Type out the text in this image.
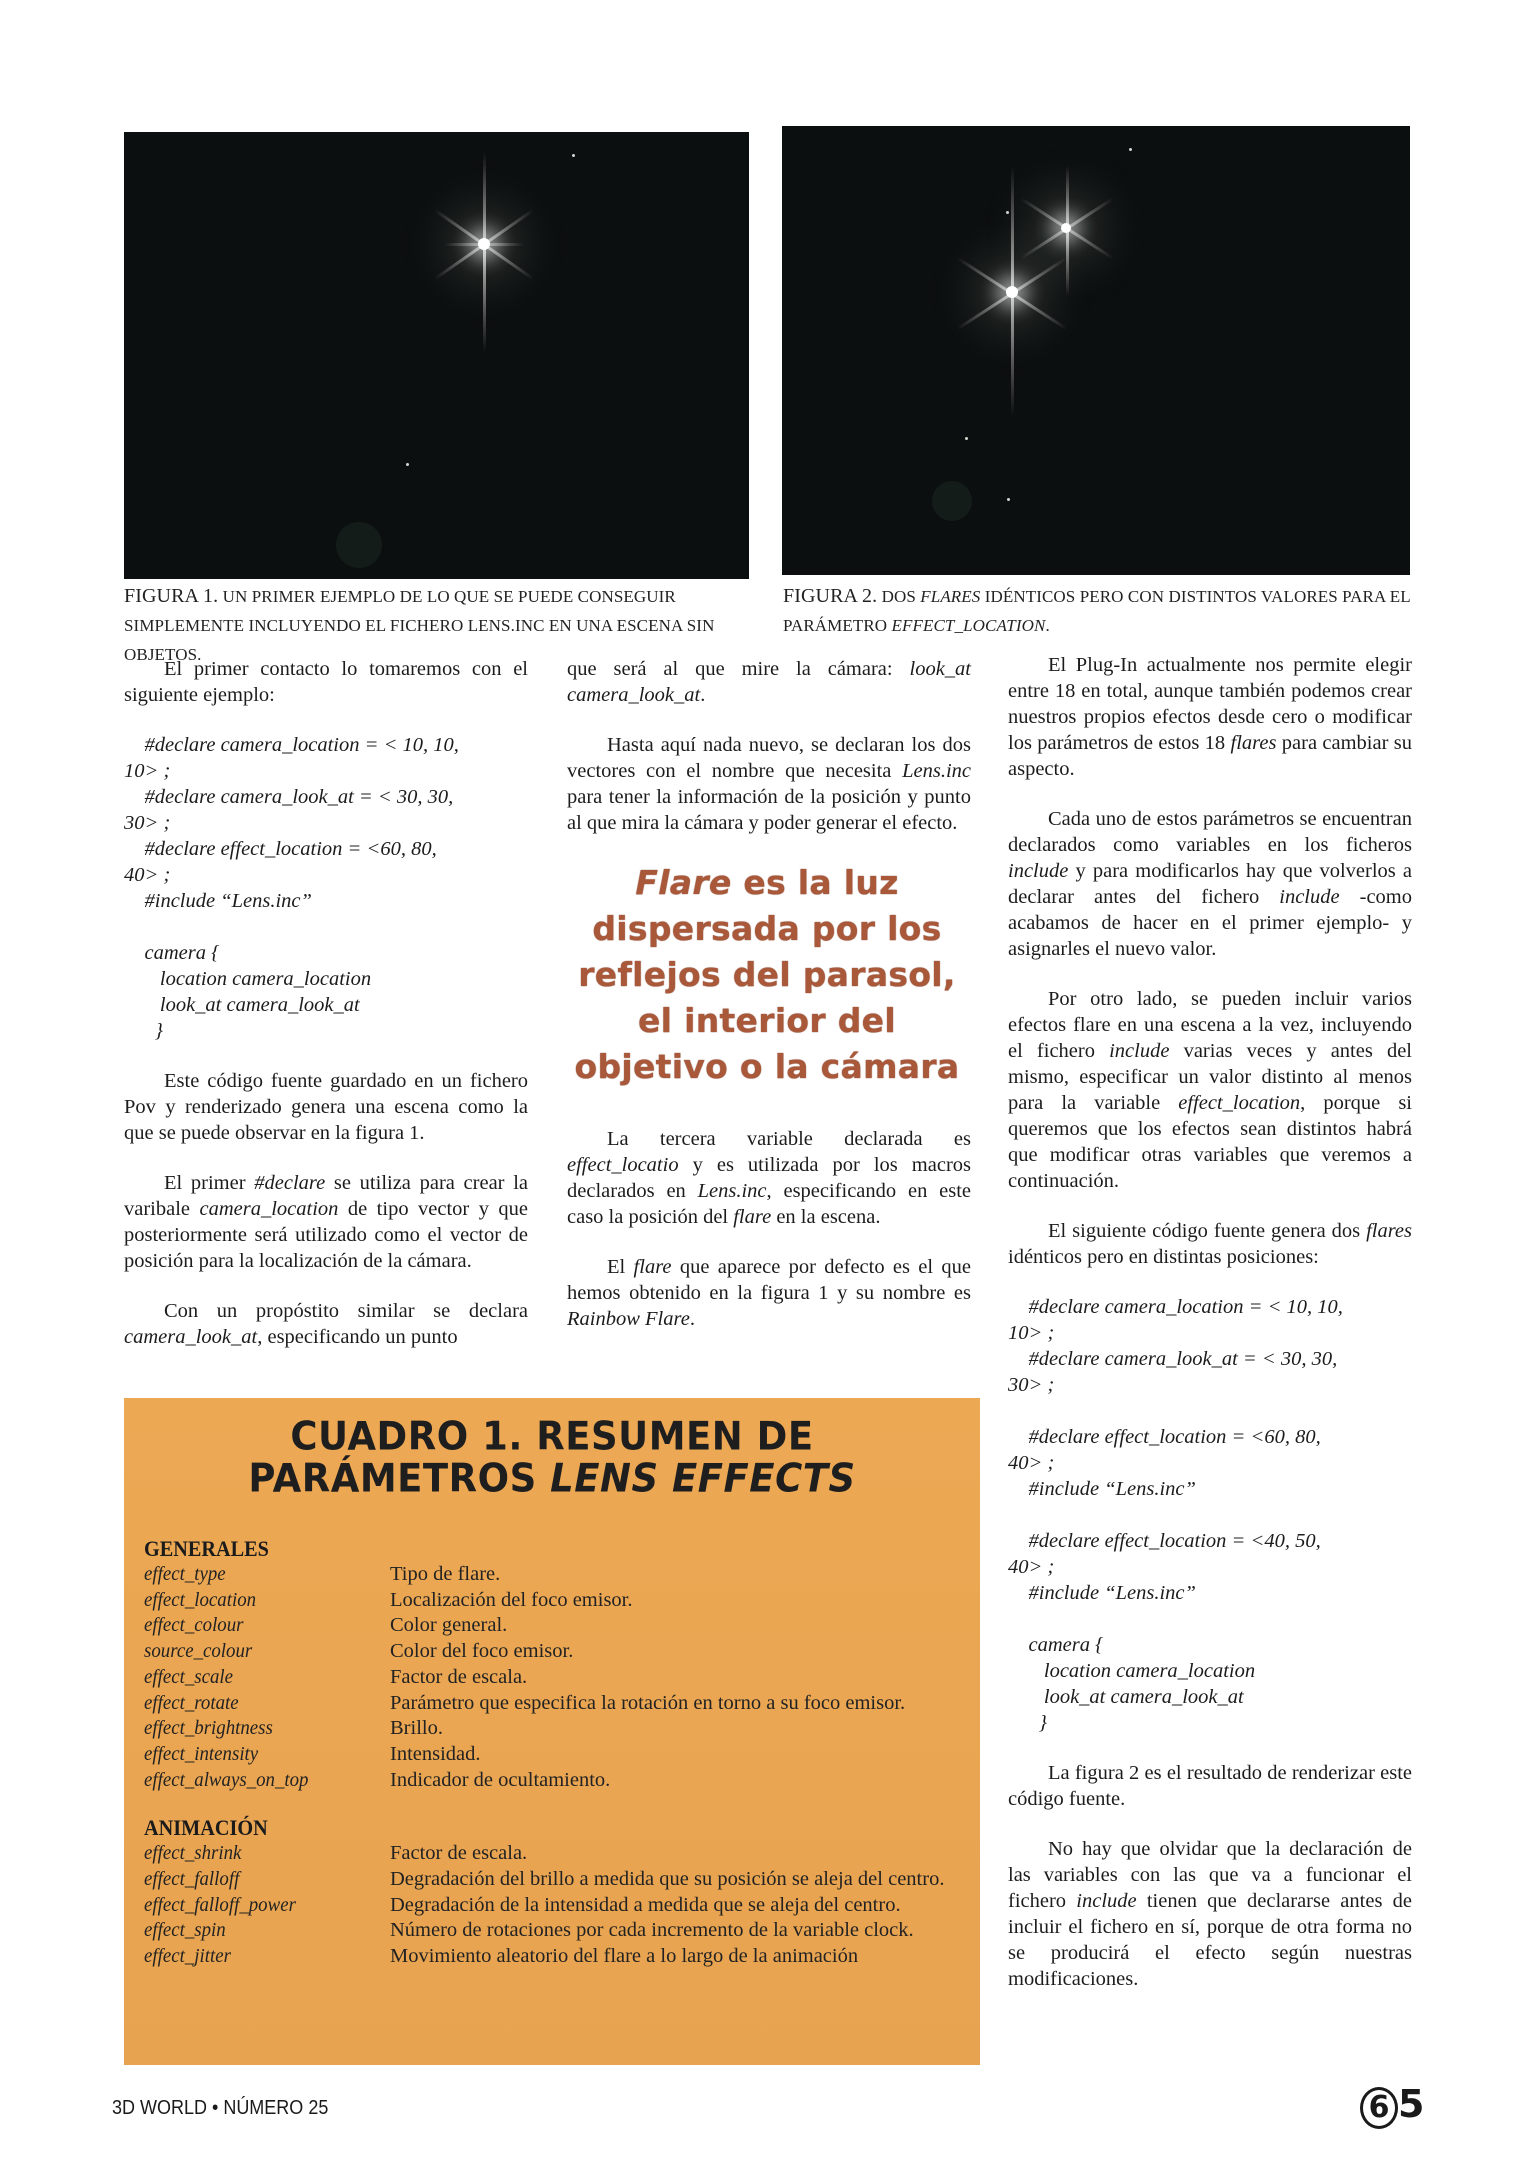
FIGURA 1. UN PRIMER EJEMPLO DE LO QUE SE PUEDE CONSEGUIR SIMPLEMENTE INCLUYENDO EL FICHERO LENS.INC EN UNA ESCENA SIN OBJETOS.
FIGURA 2. DOS FLARES IDÉNTICOS PERO CON DISTINTOS VALORES PARA EL PARÁMETRO EFFECT_LOCATION.

El primer contacto lo tomaremos con el siguiente ejemplo:

#declare camera_location = < 10, 10,
10> ;
#declare camera_look_at = < 30, 30,
30> ;
#declare effect_location = <60, 80,
40> ;
#include “Lens.inc”

camera {
location camera_location
look_at camera_look_at
}

Este código fuente guardado en un fichero Pov y renderizado genera una escena como la que se puede observar en la figura 1.

El primer #declare se utiliza para crear la varibale camera_location de tipo vector y que posteriormente será utilizado como el vector de posición para la localización de la cámara.

Con un propóstito similar se declara camera_look_at, especificando un punto

que será al que mire la cámara: look_at camera_look_at.

Hasta aquí nada nuevo, se declaran los dos vectores con el nombre que necesita Lens.inc para tener la información de la posición y punto al que mira la cámara y poder generar el efecto.

Flare es la luz dispersada por los reflejos del parasol, el interior del objetivo o la cámara

La tercera variable declarada es effect_locatio y es utilizada por los macros declarados en Lens.inc, especificando en este caso la posición del flare en la escena.

El flare que aparece por defecto es el que hemos obtenido en la figura 1 y su nombre es Rainbow Flare.

El Plug-In actualmente nos permite elegir entre 18 en total, aunque también podemos crear nuestros propios efectos desde cero o modificar los parámetros de estos 18 flares para cambiar su aspecto.

Cada uno de estos parámetros se encuentran declarados como variables en los ficheros include y para modificarlos hay que volverlos a declarar antes del fichero include -como acabamos de hacer en el primer ejemplo- y asignarles el nuevo valor.

Por otro lado, se pueden incluir varios efectos flare en una escena a la vez, incluyendo el fichero include varias veces y antes del mismo, especificar un valor distinto al menos para la variable effect_location, porque si queremos que los efectos sean distintos habrá que modificar otras variables que veremos a continuación.

El siguiente código fuente genera dos flares idénticos pero en distintas posiciones:

#declare camera_location = < 10, 10,
10> ;
#declare camera_look_at = < 30, 30,
30> ;

#declare effect_location = <60, 80,
40> ;
#include “Lens.inc”

#declare effect_location = <40, 50,
40> ;
#include “Lens.inc”

camera {
location camera_location
look_at camera_look_at
}

La figura 2 es el resultado de renderizar este código fuente.

No hay que olvidar que la declaración de las variables con las que va a funcionar el fichero include tienen que declararse antes de incluir el fichero en sí, porque de otra forma no se producirá el efecto según nuestras modificaciones.

CUADRO 1. RESUMEN DE
PARÁMETROS LENS EFFECTS
GENERALES
effect_type	Tipo de flare.
effect_location	Localización del foco emisor.
effect_colour	Color general.
source_colour	Color del foco emisor.
effect_scale	Factor de escala.
effect_rotate	Parámetro que especifica la rotación en torno a su foco emisor.
effect_brightness	Brillo.
effect_intensity	Intensidad.
effect_always_on_top	Indicador de ocultamiento.
ANIMACIÓN
effect_shrink	Factor de escala.
effect_falloff	Degradación del brillo a medida que su posición se aleja del centro.
effect_falloff_power	Degradación de la intensidad a medida que se aleja del centro.
effect_spin	Número de rotaciones por cada incremento de la variable clock.
effect_jitter	Movimiento aleatorio del flare a lo largo de la animación
3D WORLD • NÚMERO 25	6 5
